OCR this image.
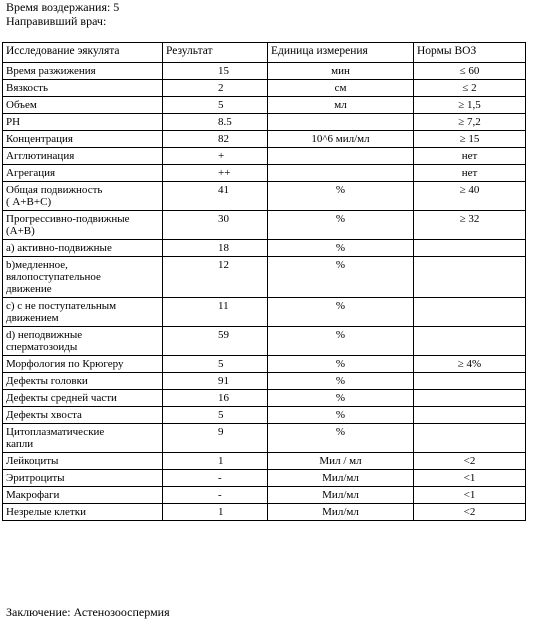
Время воздержания: 5
Направивший врач:
Исследование эякулята	Результат	Единица измерения	Нормы ВОЗ
Время разжижения	15	мин	≤ 60
Вязкость	2	см	≤ 2
Объем	5	мл	≥ 1,5
PH	8.5		≥ 7,2
Концентрация	82	10^6 мил/мл	≥ 15
Агглютинация	+		нет
Агрегация	++		нет
Общая подвижность
( A+B+C)	41	%	≥ 40
Прогрессивно-подвижные
(A+B)	30	%	≥ 32
a) активно-подвижные	18	%	
b)медленное,
вялопоступательное
движение	12	%	
c) с не поступательным
движением	11	%	
d) неподвижные
сперматозоиды	59	%	
Морфология по Крюгеру	5	%	≥ 4%
Дефекты головки	91	%	
Дефекты средней части	16	%	
Дефекты хвоста	5	%	
Цитоплазматические
капли	9	%	
Лейкоциты	1	Мил / мл	<2
Эритроциты	-	Мил/мл	<1
Макрофаги	-	Мил/мл	<1
Незрелые клетки	1	Мил/мл	<2
Заключение: Астенозооспермия
